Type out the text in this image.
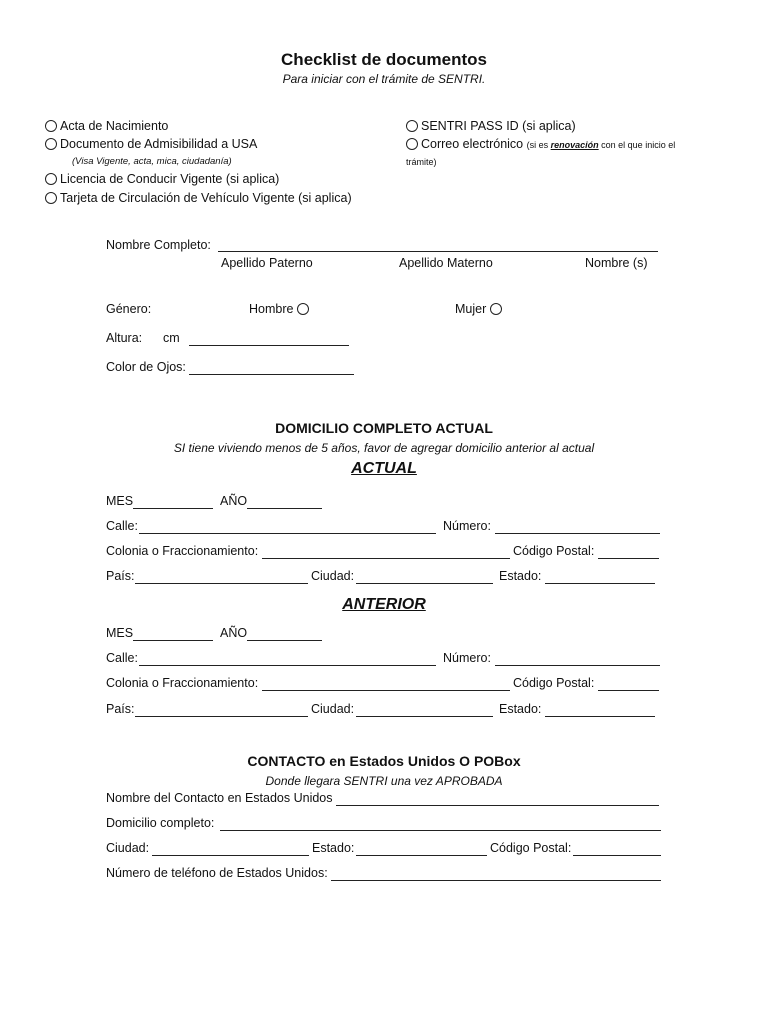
Checklist de documentos
Para iniciar con el trámite de SENTRI.
Acta de Nacimiento
Documento de Admisibilidad a USA
(Visa Vigente, acta, mica, ciudadanía)
Licencia de Conducir Vigente (si aplica)
Tarjeta de Circulación de Vehículo Vigente (si aplica)
SENTRI PASS ID (si aplica)
Correo electrónico (si es renovación con el que inicio el
trámite)
Nombre Completo:
Apellido Paterno	Apellido Materno	Nombre (s)
Género:	Hombre	Mujer
Altura: cm
Color de Ojos:
DOMICILIO COMPLETO ACTUAL
SI tiene viviendo menos de 5 años, favor de agregar domicilio anterior al actual
ACTUAL
MES	AÑO
Calle:	Número:
Colonia o Fraccionamiento:	Código Postal:
País:	Ciudad:	Estado:
ANTERIOR
MES	AÑO
Calle:	Número:
Colonia o Fraccionamiento:	Código Postal:
País:	Ciudad:	Estado:
CONTACTO en Estados Unidos O POBox
Donde llegara SENTRI una vez APROBADA
Nombre del Contacto en Estados Unidos
Domicilio completo:
Ciudad:	Estado:	Código Postal:
Número de teléfono de Estados Unidos:
